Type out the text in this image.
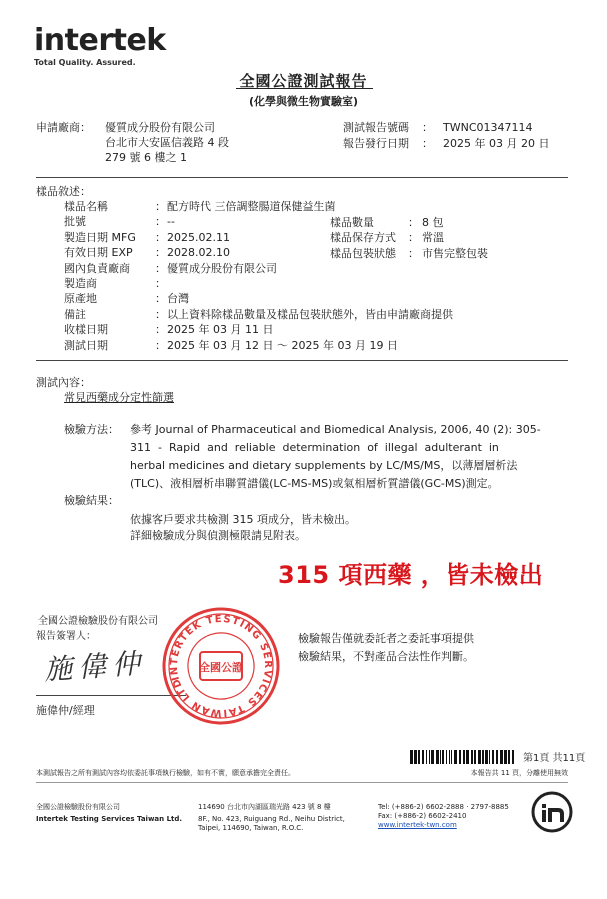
intertek
Total Quality. Assured.
全國公證測試報告
(化學與微生物實驗室)
申請廠商： 優質成分股份有限公司
台北市大安區信義路 4 段
279 號 6 樓之 1
測試報告號碼 ： TWNC01347114
報告發行日期 ： 2025 年 03 月 20 日
樣品敘述：
樣品名稱	： 配方時代 三倍調整腸道保健益生菌
批號	： --
製造日期 MFG ： 2025.02.11
有效日期 EXP ： 2028.02.10
國內負責廠商 ： 優質成分股份有限公司
製造商	：
原產地	： 台灣
備註	： 以上資料除樣品數量及樣品包裝狀態外，皆由申請廠商提供
收樣日期	： 2025 年 03 月 11 日
測試日期	： 2025 年 03 月 12 日 ～ 2025 年 03 月 19 日
樣品數量	： 8 包
樣品保存方式 ： 常溫
樣品包裝狀態 ： 市售完整包裝
測試內容：
常見西藥成分定性篩選
檢驗方法： 參考 Journal of Pharmaceutical and Biomedical Analysis, 2006, 40 (2): 305-
311  -  Rapid  and  reliable  determination  of  illegal  adulterant  in
herbal medicines and dietary supplements by LC/MS/MS，以薄層層析法
(TLC)、液相層析串聯質譜儀(LC-MS-MS)或氣相層析質譜儀(GC-MS)測定。
檢驗結果：
依據客戶要求共檢測 315 項成分，皆未檢出。
詳細檢驗成分與偵測極限請見附表。
315 項西藥 ，皆未檢出
全國公證檢驗股份有限公司
報告簽署人：
施偉仲
施偉仲/經理
INTERTEK TESTING SERVICES TAIWAN LTD.
全國公證
檢驗報告僅就委託者之委託事項提供
檢驗結果，不對產品合法性作判斷。
第1頁 共11頁
本測試報告之所有測試內容均依委託事項執行檢驗，如有不實，願意承擔完全責任。	本報告共 11 頁，分離使用無效
全國公證檢驗股份有限公司
Intertek Testing Services Taiwan Ltd.
114690 台北市內湖區瑞光路 423 號 8 樓
8F., No. 423, Ruiguang Rd., Neihu District,
Taipei, 114690, Taiwan, R.O.C.
Tel: (+886-2) 6602-2888 · 2797-8885
Fax: (+886-2) 6602-2410
www.intertek-twn.com
